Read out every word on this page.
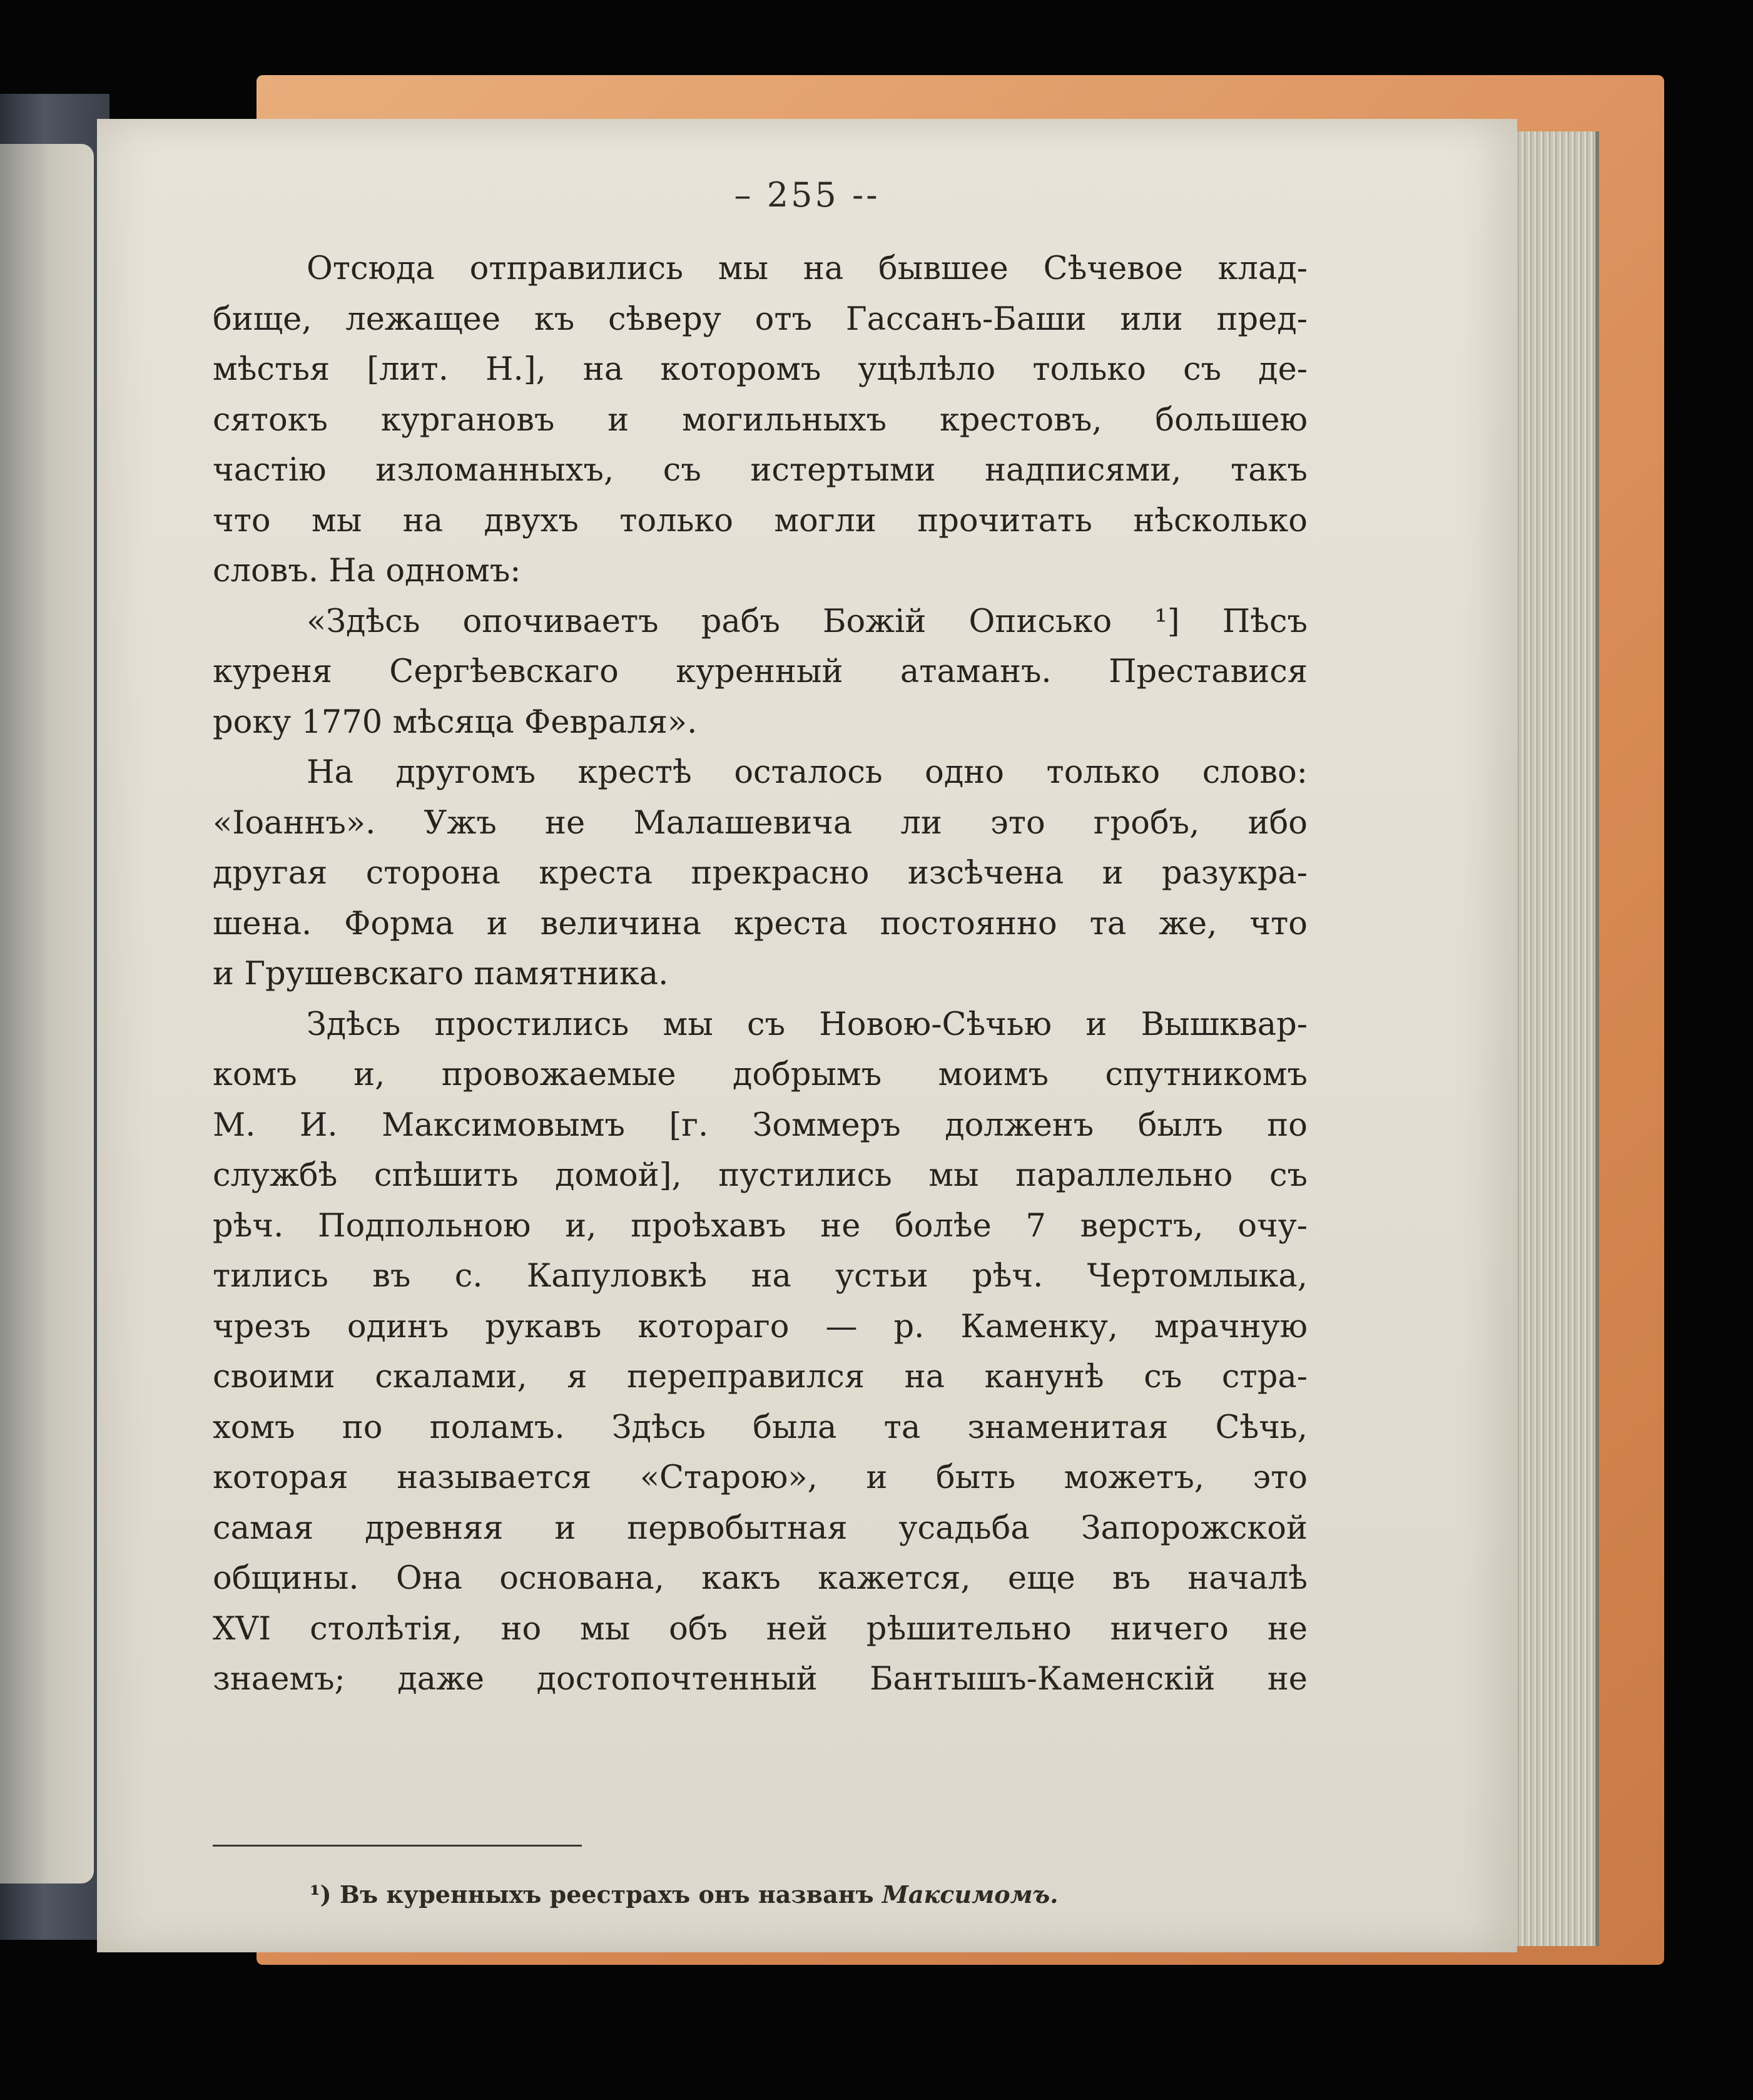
– 255 --
Отсюда отправились мы на бывшее Сѣчевое клад-
бище, лежащее къ сѣверу отъ Гассанъ-Баши или пред-
мѣстья [лит. Н.], на которомъ уцѣлѣло только съ де-
сятокъ кургановъ и могильныхъ крестовъ, большею
частію изломанныхъ, съ истертыми надписями, такъ
что мы на двухъ только могли прочитать нѣсколько
словъ. На одномъ:
«Здѣсь опочиваетъ рабъ Божій Описько ¹] Пѣсъ
куреня Сергѣевскаго куренный атаманъ. Преставися
року 1770 мѣсяца Февраля».
На другомъ крестѣ осталось одно только слово:
«Іоаннъ». Ужъ не Малашевича ли это гробъ, ибо
другая сторона креста прекрасно изсѣчена и разукра-
шена. Форма и величина креста постоянно та же, что
и Грушевскаго памятника.
Здѣсь простились мы съ Новою-Сѣчью и Вышквар-
комъ и, провожаемые добрымъ моимъ спутникомъ
М. И. Максимовымъ [г. Зоммеръ долженъ былъ по
службѣ спѣшить домой], пустились мы параллельно съ
рѣч. Подпольною и, проѣхавъ не болѣе 7 верстъ, очу-
тились въ с. Капуловкѣ на устьи рѣч. Чертомлыка,
чрезъ одинъ рукавъ котораго — р. Каменку, мрачную
своими скалами, я переправился на канунѣ съ стра-
хомъ по поламъ. Здѣсь была та знаменитая Сѣчь,
которая называется «Старою», и быть можетъ, это
самая древняя и первобытная усадьба Запорожской
общины. Она основана, какъ кажется, еще въ началѣ
XVI столѣтія, но мы объ ней рѣшительно ничего не
знаемъ; даже достопочтенный Бантышъ-Каменскій не
¹) Въ куренныхъ реестрахъ онъ названъ Максимомъ.
